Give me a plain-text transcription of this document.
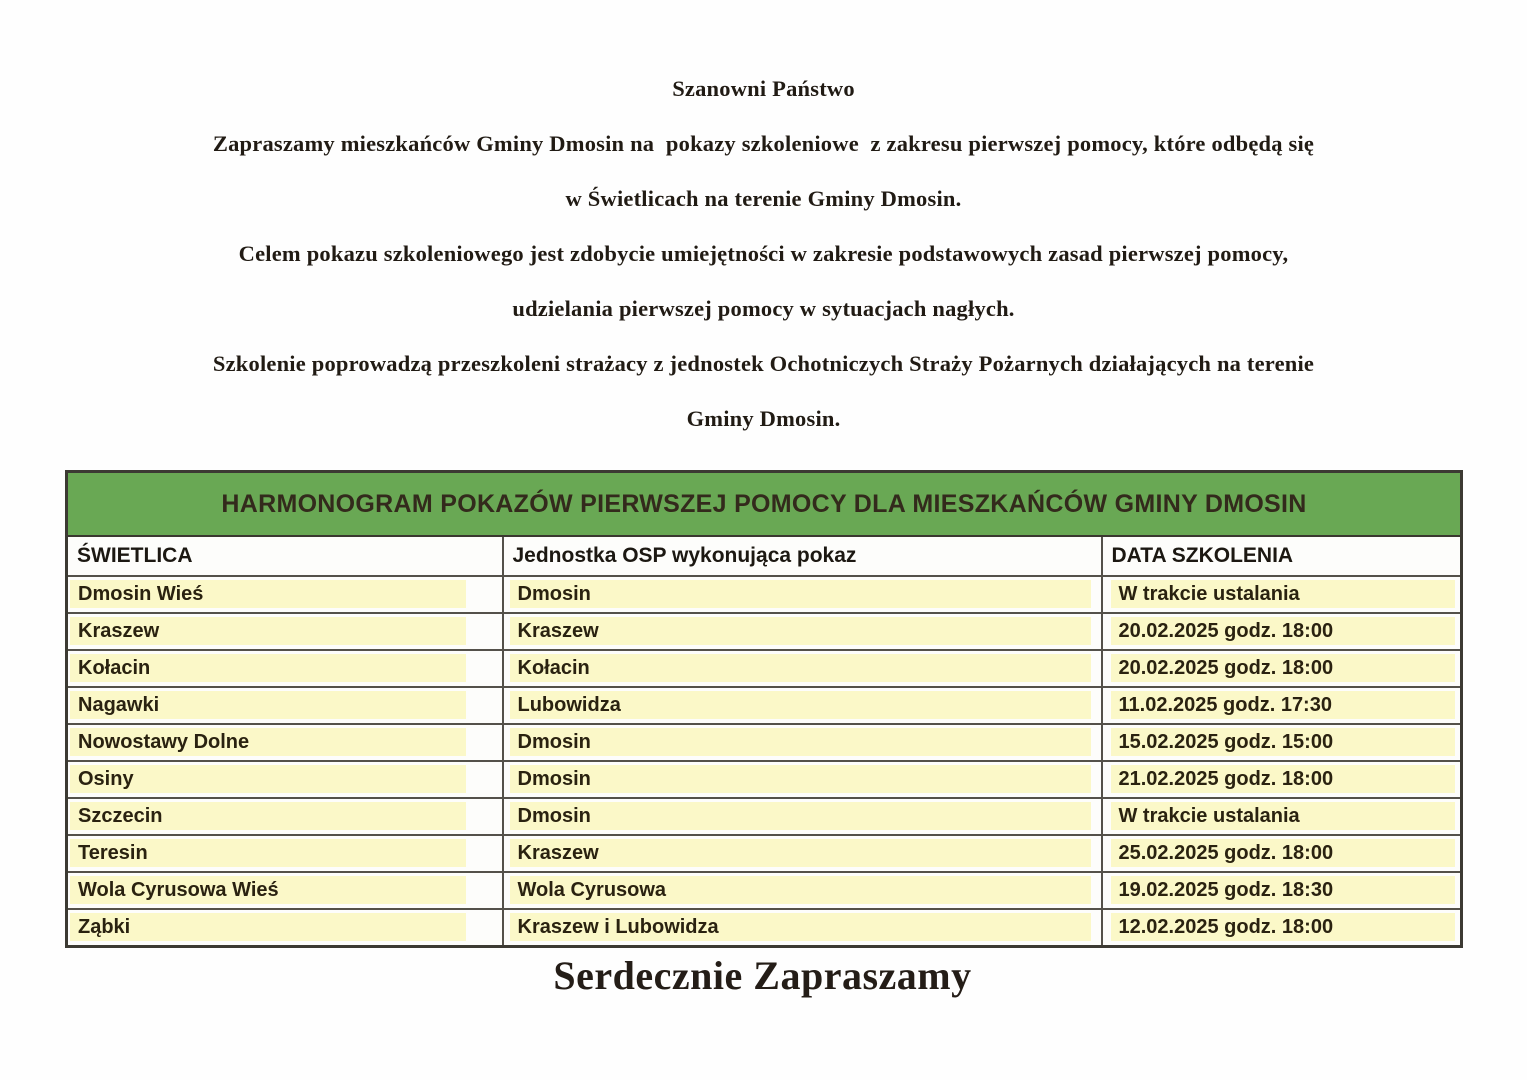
Szanowni Państwo
Zapraszamy mieszkańców Gminy Dmosin na  pokazy szkoleniowe  z zakresu pierwszej pomocy, które odbędą się
w Świetlicach na terenie Gminy Dmosin.
Celem pokazu szkoleniowego jest zdobycie umiejętności w zakresie podstawowych zasad pierwszej pomocy,
udzielania pierwszej pomocy w sytuacjach nagłych.
Szkolenie poprowadzą przeszkoleni strażacy z jednostek Ochotniczych Straży Pożarnych działających na terenie
Gminy Dmosin.
HARMONOGRAM POKAZÓW PIERWSZEJ POMOCY DLA MIESZKAŃCÓW GMINY DMOSIN		

ŚWIETLICA	Jednostka OSP wykonująca pokaz	DATA SZKOLENIA

Dmosin Wieś	Dmosin	W trakcie ustalania

Kraszew	Kraszew	20.02.2025 godz. 18:00

Kołacin	Kołacin	20.02.2025 godz. 18:00

Nagawki	Lubowidza	11.02.2025 godz. 17:30

Nowostawy Dolne	Dmosin	15.02.2025 godz. 15:00

Osiny	Dmosin	21.02.2025 godz. 18:00

Szczecin	Dmosin	W trakcie ustalania

Teresin	Kraszew	25.02.2025 godz. 18:00

Wola Cyrusowa Wieś	Wola Cyrusowa	19.02.2025 godz. 18:30

Ząbki	Kraszew i Lubowidza	12.02.2025 godz. 18:00
Serdecznie Zapraszamy
